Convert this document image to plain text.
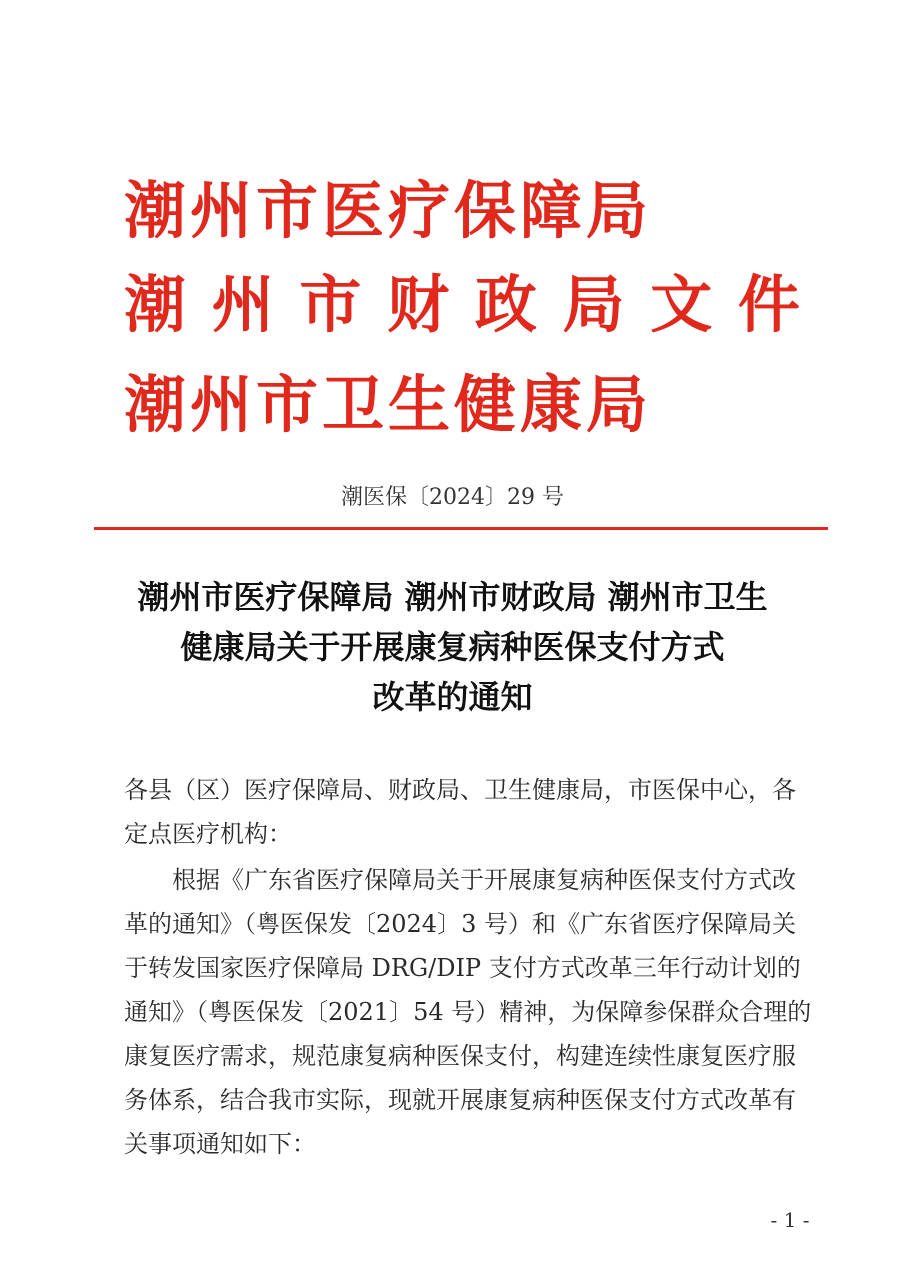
潮 州 市 医 疗 保 障 局
潮 州 市 财 政 局 文 件
潮 州 市 卫 生 健 康 局
潮医保〔2024〕29 号
潮州市医疗保障局 潮州市财政局 潮州市卫生
健康局关于开展康复病种医保支付方式
改革的通知
各县（区）医疗保障局、财政局、卫生健康局，市医保中心，各
定点医疗机构：
根据《广东省医疗保障局关于开展康复病种医保支付方式改
革的通知》（粤医保发〔2024〕3 号）和《广东省医疗保障局关
于转发国家医疗保障局 DRG/DIP 支付方式改革三年行动计划的
通知》（粤医保发〔2021〕54 号）精神，为保障参保群众合理的
康复医疗需求，规范康复病种医保支付，构建连续性康复医疗服
务体系，结合我市实际，现就开展康复病种医保支付方式改革有
关事项通知如下：
- 1 -
